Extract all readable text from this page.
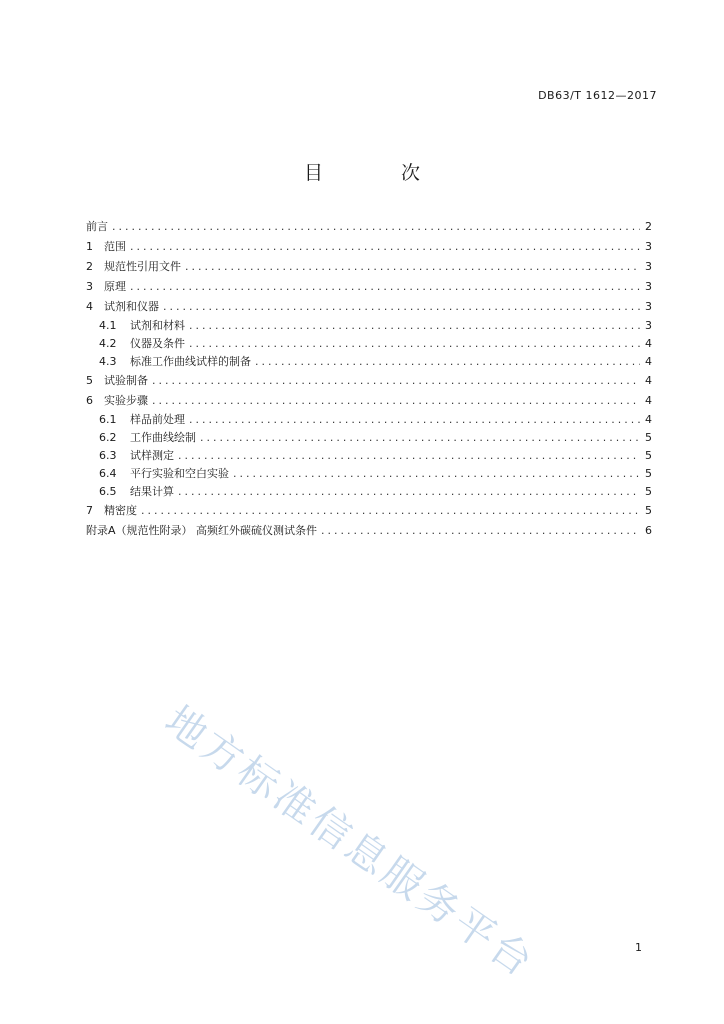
DB63/T 1612—2017
目 次
前言 .....	2
1	范围 .....	3
2	规范性引用文件 .....	3
3	原理 .....	3
4	试剂和仪器 .....	3
4.1	试剂和材料 .....	3
4.2	仪器及条件 .....	4
4.3	标准工作曲线试样的制备 .....	4
5	试验制备 .....	4
6	实验步骤 .....	4
6.1	样品前处理 .....	4
6.2	工作曲线绘制 .....	5
6.3	试样测定 .....	5
6.4	平行实验和空白实验 .....	5
6.5	结果计算 .....	5
7	精密度 .....	5
附录A（规范性附录） 高频红外碳硫仪测试条件 .....	6
地方标准信息服务平台	1
